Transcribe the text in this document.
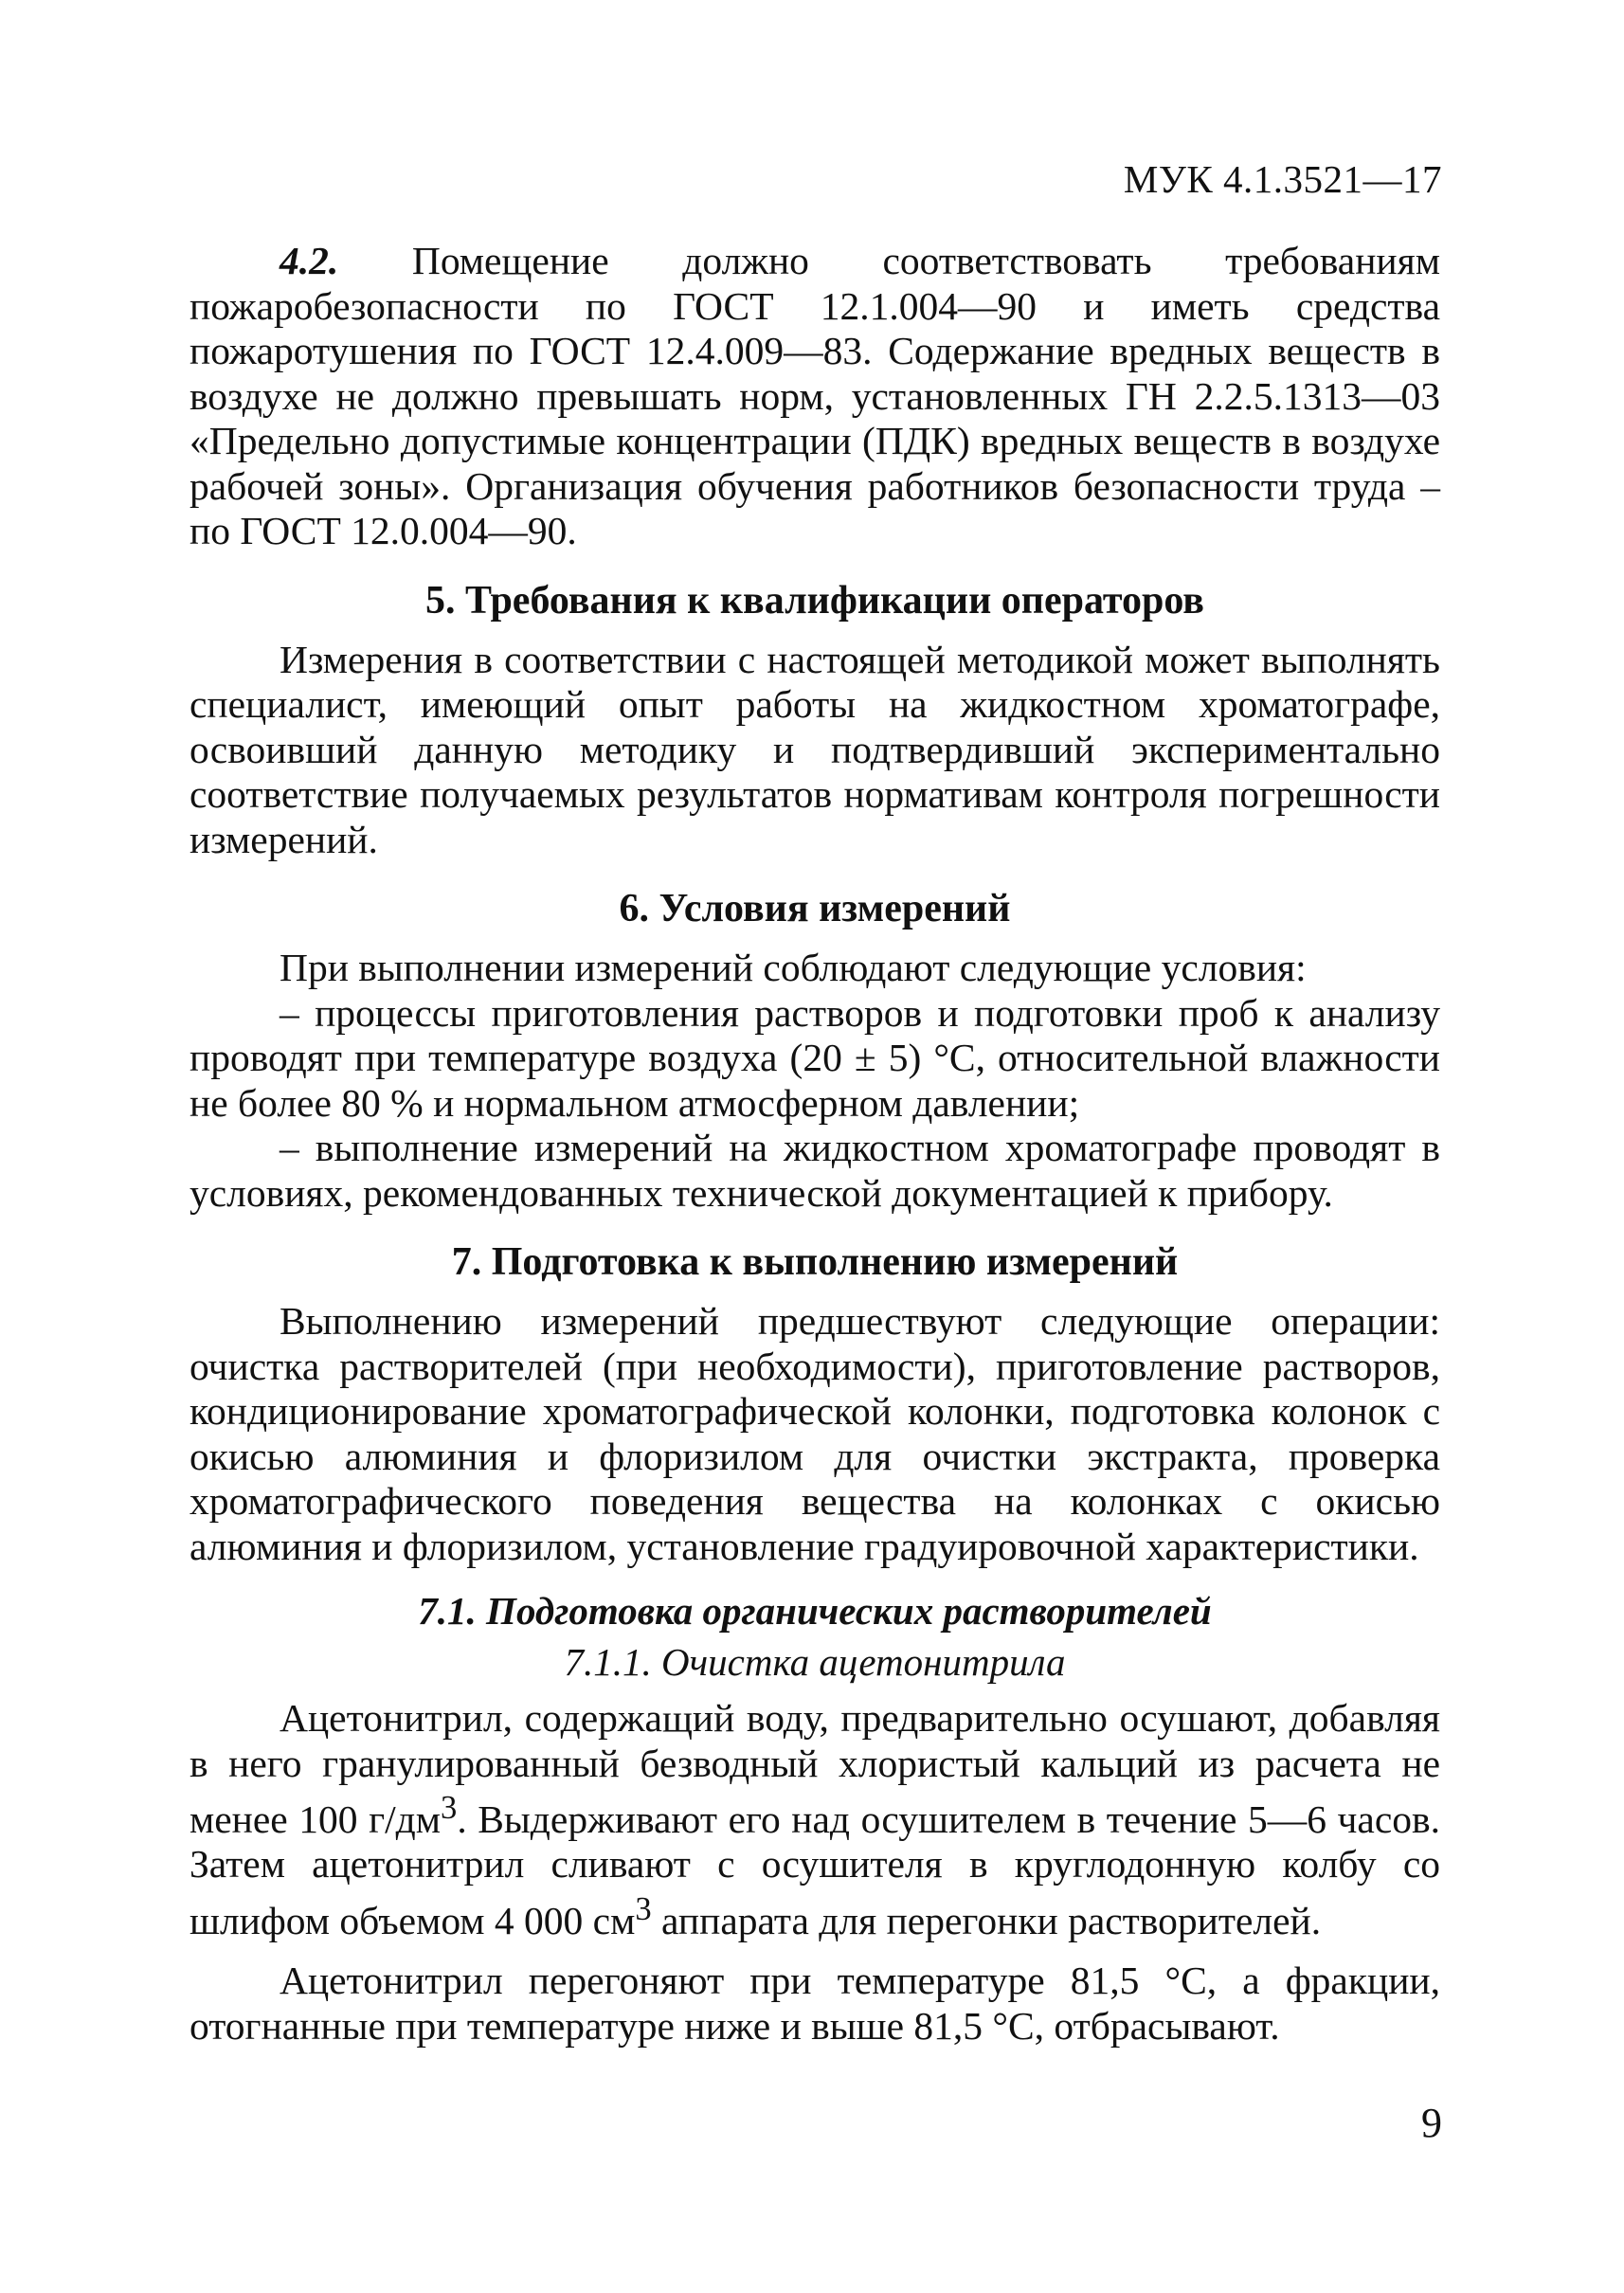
МУК 4.1.3521—17

4.2. Помещение должно соответствовать требованиям пожаробезопасности по ГОСТ 12.1.004—90 и иметь средства пожаротушения по ГОСТ 12.4.009—83. Содержание вредных веществ в воздухе не должно превышать норм, установленных ГН 2.2.5.1313—03 «Предельно допустимые концентрации (ПДК) вредных веществ в воздухе рабочей зоны». Организация обучения работников безопасности труда – по ГОСТ 12.0.004—90.

5. Требования к квалификации операторов

Измерения в соответствии с настоящей методикой может выполнять специалист, имеющий опыт работы на жидкостном хроматографе, освоивший данную методику и подтвердивший экспериментально соответствие получаемых результатов нормативам контроля погрешности измерений.

6. Условия измерений

При выполнении измерений соблюдают следующие условия:

– процессы приготовления растворов и подготовки проб к анализу проводят при температуре воздуха (20 ± 5) °С, относительной влажности не более 80 % и нормальном атмосферном давлении;

– выполнение измерений на жидкостном хроматографе проводят в условиях, рекомендованных технической документацией к прибору.

7. Подготовка к выполнению измерений

Выполнению измерений предшествуют следующие операции: очистка растворителей (при необходимости), приготовление растворов, кондиционирование хроматографической колонки, подготовка колонок с окисью алюминия и флоризилом для очистки экстракта, проверка хроматографического поведения вещества на колонках с окисью алюминия и флоризилом, установление градуировочной характеристики.

7.1. Подготовка органических растворителей
7.1.1. Очистка ацетонитрила

Ацетонитрил, содержащий воду, предварительно осушают, добавляя в него гранулированный безводный хлористый кальций из расчета не менее 100 $г/дм^3$. Выдерживают его над осушителем в течение 5—6 часов. Затем ацетонитрил сливают с осушителя в круглодонную колбу со шлифом объемом 4 000 $см^3$ аппарата для перегонки растворителей.

Ацетонитрил перегоняют при температуре 81,5 °С, а фракции, отогнанные при температуре ниже и выше 81,5 °С, отбрасывают.

9
